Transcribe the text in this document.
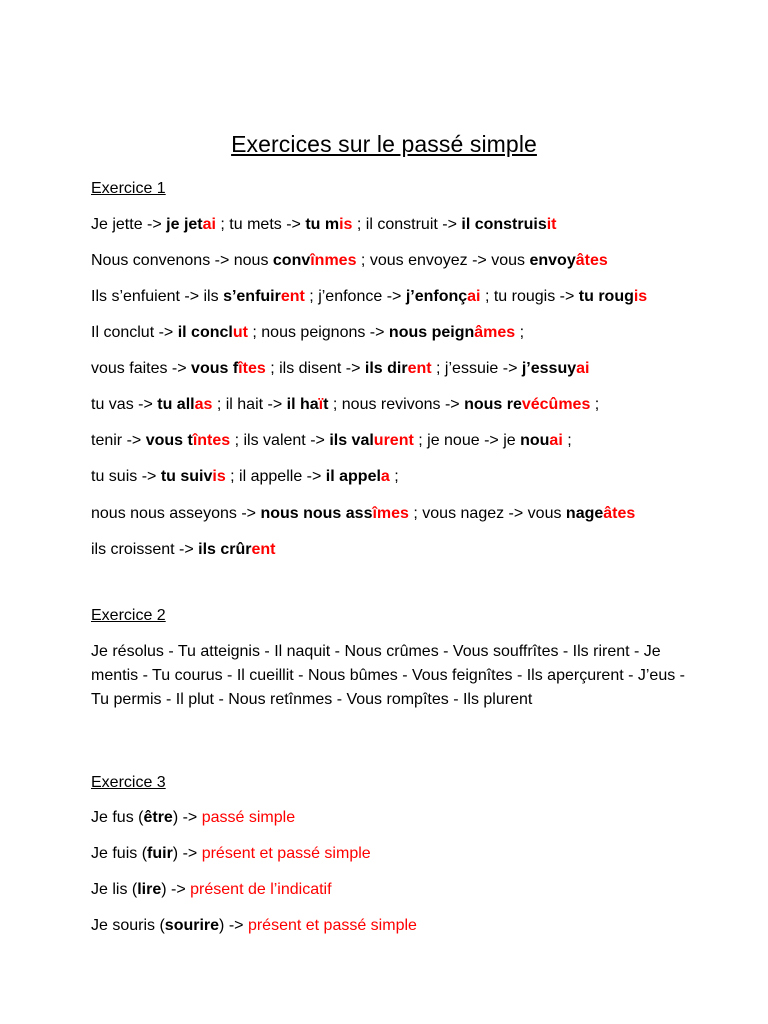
Exercices sur le passé simple
Exercice 1
Je jette -> je jetai ; tu mets -> tu mis ; il construit -> il construisit
Nous convenons -> nous convînmes ; vous envoyez -> vous envoyâtes
Ils s’enfuient -> ils s’enfuirent ; j’enfonce -> j’enfonçai ; tu rougis -> tu rougis
Il conclut -> il conclut ; nous peignons -> nous peignâmes ;
vous faites -> vous fîtes ; ils disent -> ils dirent ; j’essuie -> j’essuyai
tu vas -> tu allas ; il hait -> il haït ; nous revivons -> nous revécûmes ;
tenir -> vous tîntes ; ils valent -> ils valurent ; je noue -> je nouai ;
tu suis -> tu suivis ; il appelle -> il appela ;
nous nous asseyons -> nous nous assîmes ; vous nagez -> vous nageâtes
ils croissent -> ils crûrent
Exercice 2
Je résolus - Tu atteignis - Il naquit - Nous crûmes - Vous souffrîtes - Ils rirent - Je mentis - Tu courus - Il cueillit - Nous bûmes - Vous feignîtes - Ils aperçurent - J’eus - Tu permis - Il plut - Nous retînmes - Vous rompîtes - Ils plurent
Exercice 3
Je fus (être) -> passé simple
Je fuis (fuir) -> présent et passé simple
Je lis (lire) -> présent de l’indicatif
Je souris (sourire) -> présent et passé simple
